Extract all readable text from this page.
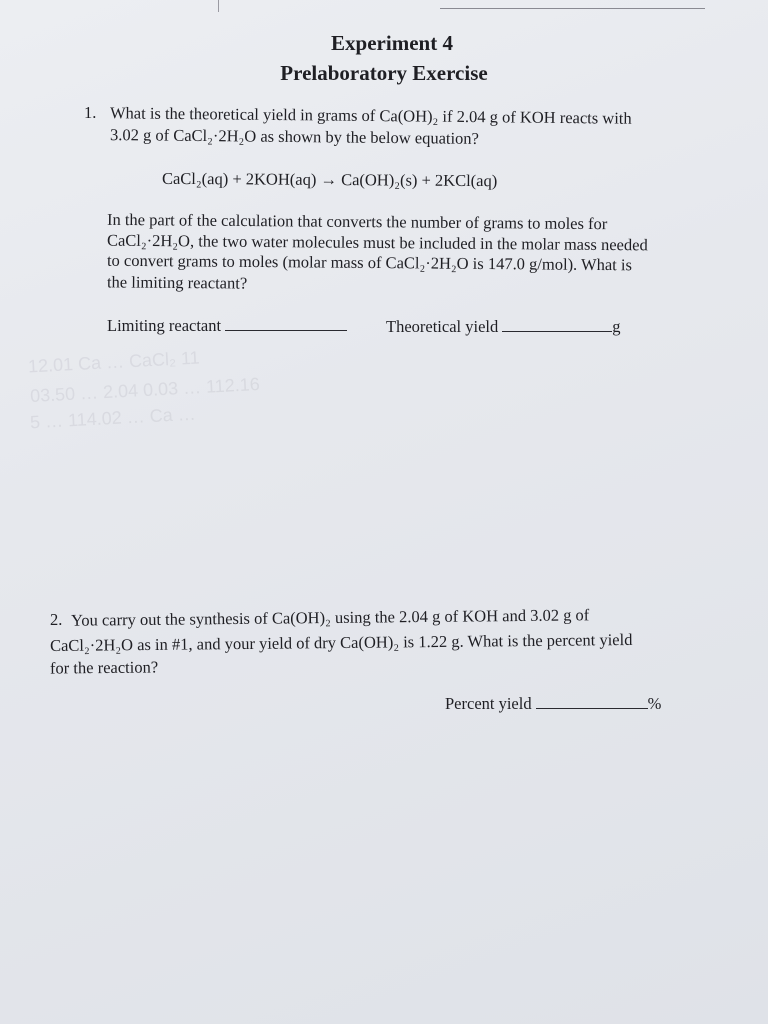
12.01 Ca … CaCl₂ 11
03.50 … 2.04 0.03 … 112.16
5 … 114.02 … Ca …
Experiment 4
Prelaboratory Exercise

1. What is the theoretical yield in grams of Ca(OH)₂ if 2.04 g of KOH reacts with

3.02 g of CaCl₂·2H₂O as shown by the below equation?

CaCl₂(aq) + 2KOH(aq) → Ca(OH)₂(s) + 2KCl(aq)

In the part of the calculation that converts the number of grams to moles for

CaCl₂·2H₂O, the two water molecules must be included in the molar mass needed

to convert grams to moles (molar mass of CaCl₂·2H₂O is 147.0 g/mol). What is

the limiting reactant?

Limiting reactant	Theoretical yield	g

2. You carry out the synthesis of Ca(OH)₂ using the 2.04 g of KOH and 3.02 g of

CaCl₂·2H₂O as in #1, and your yield of dry Ca(OH)₂ is 1.22 g. What is the percent yield

for the reaction?

Percent yield	%
